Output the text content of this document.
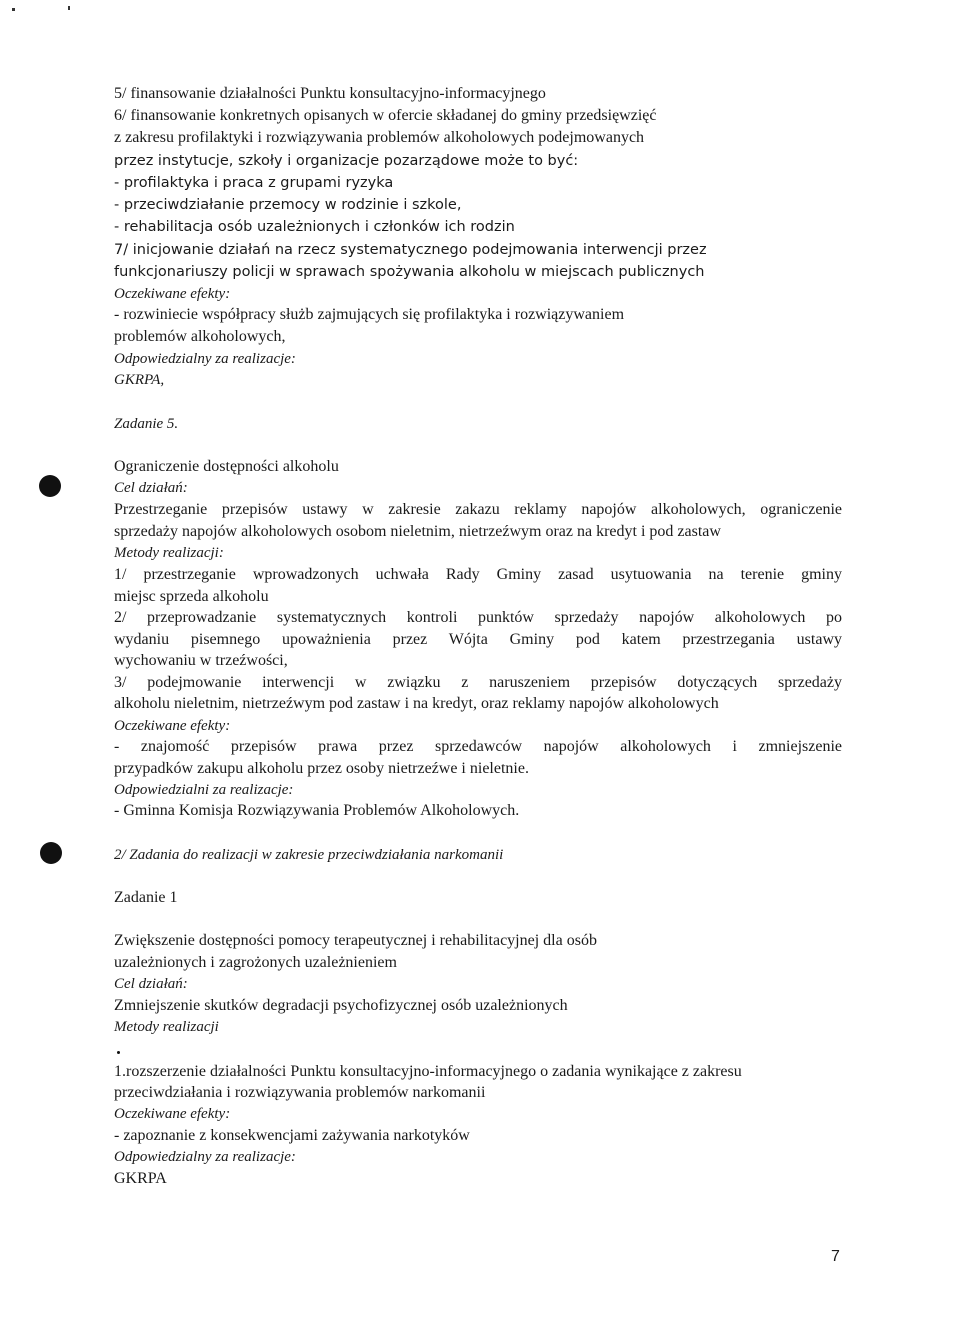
5/ finansowanie działalności Punktu konsultacyjno-informacyjnego
6/ finansowanie konkretnych opisanych w ofercie składanej do gminy przedsięwzięć
z zakresu profilaktyki i rozwiązywania problemów alkoholowych podejmowanych
przez instytucje, szkoły i organizacje pozarządowe może to być:
- profilaktyka i praca z grupami ryzyka
- przeciwdziałanie przemocy w rodzinie i szkole,
- rehabilitacja osób uzależnionych i członków ich rodzin
7/ inicjowanie działań na rzecz systematycznego podejmowania interwencji przez
funkcjonariuszy policji w sprawach spożywania alkoholu w miejscach publicznych
Oczekiwane efekty:
- rozwiniecie współpracy służb zajmujących się profilaktyka i rozwiązywaniem
problemów alkoholowych,
Odpowiedzialny za realizacje:
GKRPA,
Zadanie 5.
Ograniczenie dostępności alkoholu
Cel działań:
Przestrzeganie przepisów ustawy w zakresie zakazu reklamy napojów alkoholowych, ograniczenie
sprzedaży napojów alkoholowych osobom nieletnim, nietrzeźwym oraz na kredyt i pod zastaw
Metody realizacji:
1/ przestrzeganie wprowadzonych uchwała Rady Gminy zasad usytuowania na terenie gminy
miejsc sprzeda alkoholu
2/ przeprowadzanie systematycznych kontroli punktów sprzedaży napojów alkoholowych po
wydaniu pisemnego upoważnienia przez Wójta Gminy pod katem przestrzegania ustawy
wychowaniu w trzeźwości,
3/ podejmowanie interwencji w związku z naruszeniem przepisów dotyczących sprzedaży
alkoholu nieletnim, nietrzeźwym pod zastaw i na kredyt, oraz reklamy napojów alkoholowych
Oczekiwane efekty:
- znajomość przepisów prawa przez sprzedawców napojów alkoholowych i zmniejszenie
przypadków zakupu alkoholu przez osoby nietrzeźwe i nieletnie.
Odpowiedzialni za realizacje:
- Gminna Komisja Rozwiązywania Problemów Alkoholowych.
2/ Zadania do realizacji w zakresie przeciwdziałania narkomanii
Zadanie 1
Zwiększenie dostępności pomocy terapeutycznej i rehabilitacyjnej dla osób
uzależnionych i zagrożonych uzależnieniem
Cel działań:
Zmniejszenie skutków degradacji psychofizycznej osób uzależnionych
Metody realizacji
1.rozszerzenie działalności Punktu konsultacyjno-informacyjnego o zadania wynikające z zakresu
przeciwdziałania i rozwiązywania problemów narkomanii
Oczekiwane efekty:
- zapoznanie z konsekwencjami zażywania narkotyków
Odpowiedzialny za realizacje:
GKRPA
7
